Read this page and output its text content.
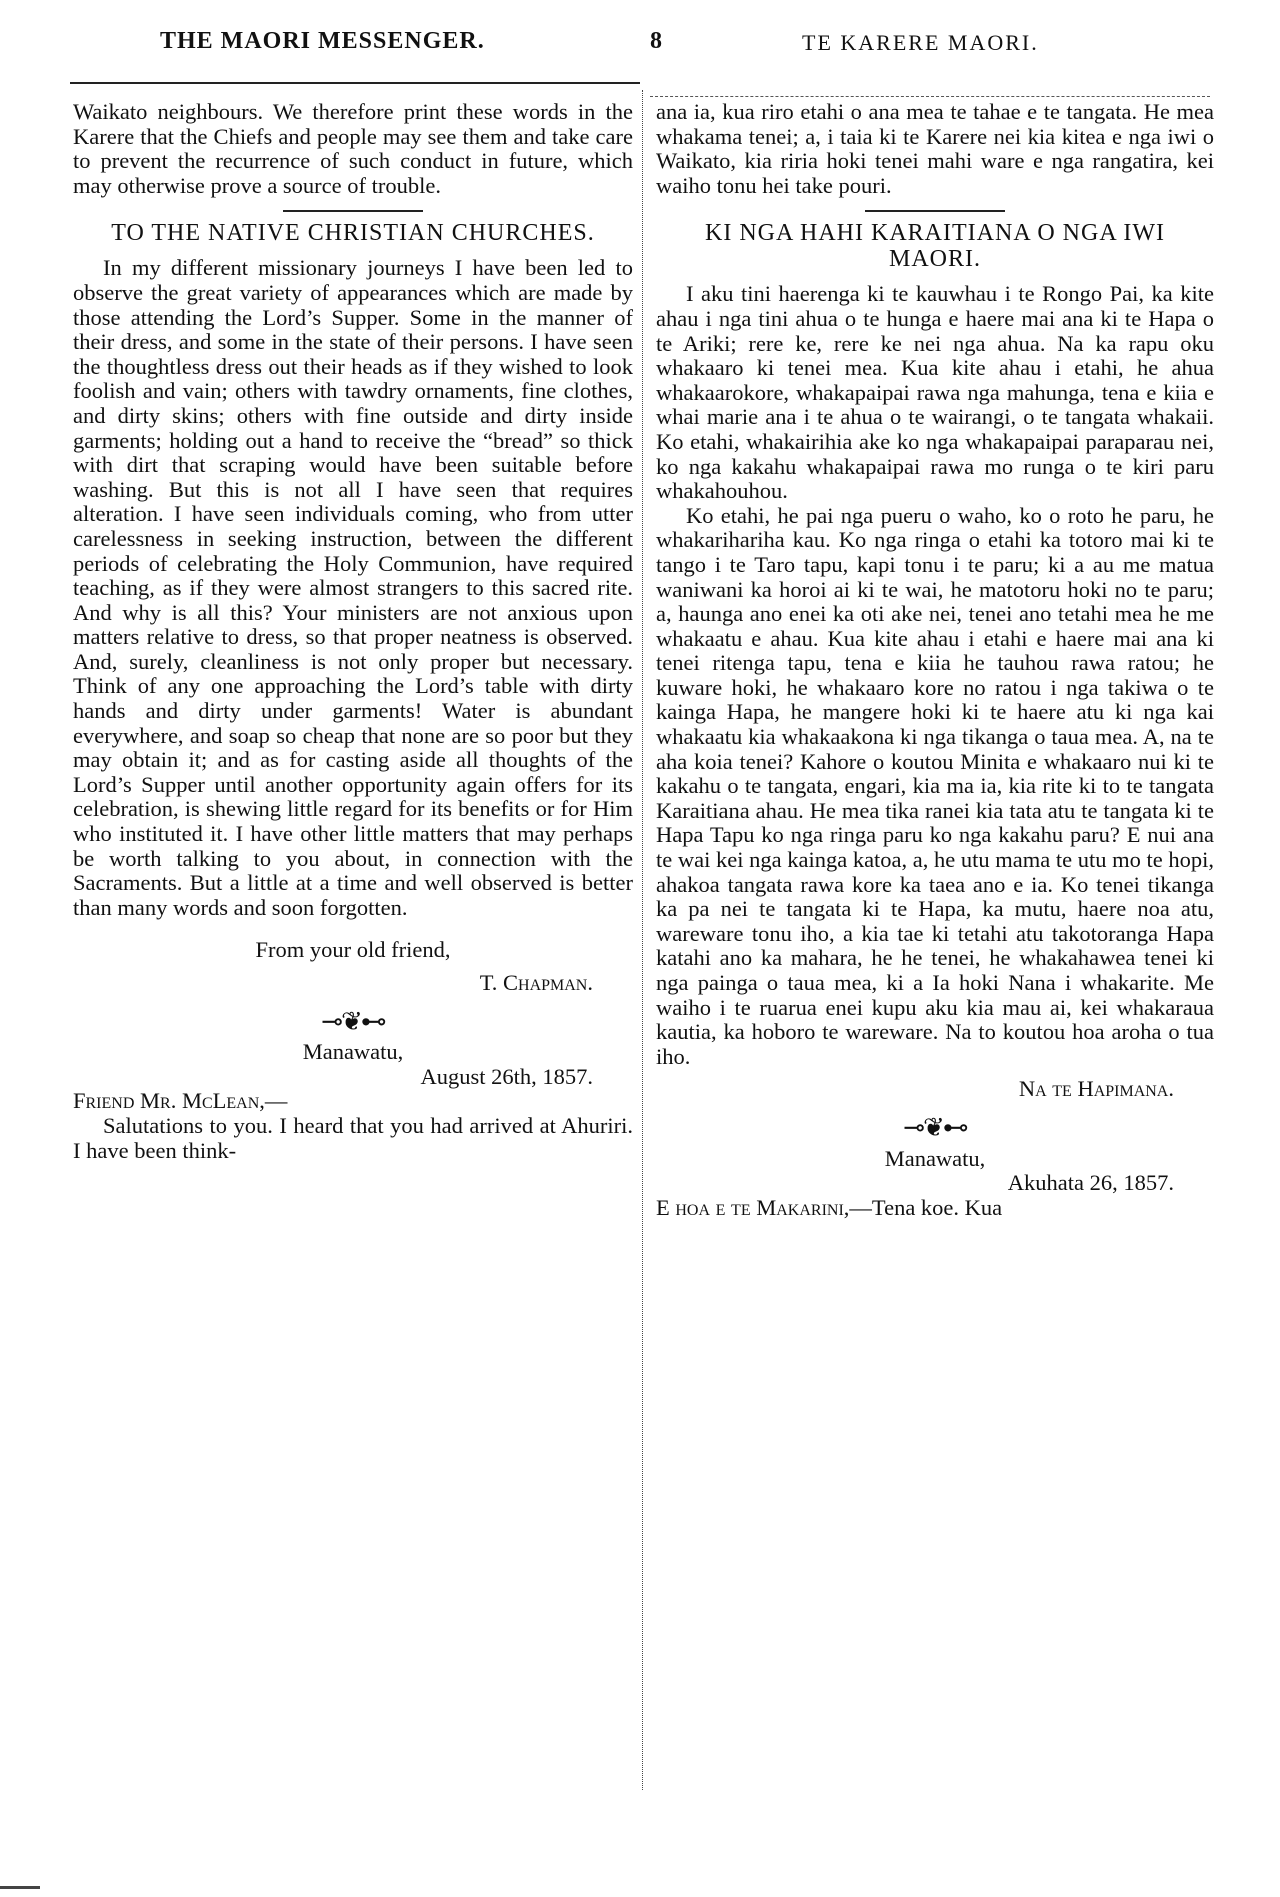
THE MAORI MESSENGER.	8	TE KARERE MAORI.

Waikato neighbours. We therefore print these words in the Karere that the Chiefs and people may see them and take care to prevent the recurrence of such conduct in future, which may otherwise prove a source of trouble.

TO THE NATIVE CHRISTIAN CHURCHES.

In my different missionary journeys I have been led to observe the great variety of appearances which are made by those attending the Lord’s Supper. Some in the manner of their dress, and some in the state of their persons. I have seen the thoughtless dress out their heads as if they wished to look foolish and vain; others with tawdry ornaments, fine clothes, and dirty skins; others with fine outside and dirty inside garments; holding out a hand to receive the “bread” so thick with dirt that scraping would have been suitable before washing. But this is not all I have seen that requires alteration. I have seen individuals coming, who from utter carelessness in seeking instruction, between the different periods of celebrating the Holy Communion, have required teaching, as if they were almost strangers to this sacred rite. And why is all this? Your ministers are not anxious upon matters relative to dress, so that proper neatness is observed. And, surely, cleanliness is not only proper but necessary. Think of any one approaching the Lord’s table with dirty hands and dirty under garments! Water is abundant everywhere, and soap so cheap that none are so poor but they may obtain it; and as for casting aside all thoughts of the Lord’s Supper until another opportunity again offers for its celebration, is shewing little regard for its benefits or for Him who instituted it. I have other little matters that may perhaps be worth talking to you about, in connection with the Sacraments. But a little at a time and well observed is better than many words and soon forgotten.

From your old friend,
T. Chapman.
⊸❦⊷
Manawatu,
August 26th, 1857.

Friend Mr. McLean,—

Salutations to you. I heard that you had arrived at Ahuriri. I have been think-

ana ia, kua riro etahi o ana mea te tahae e te tangata. He mea whakama tenei; a, i taia ki te Karere nei kia kitea e nga iwi o Waikato, kia riria hoki tenei mahi ware e nga rangatira, kei waiho tonu hei take pouri.

KI NGA HAHI KARAITIANA O NGA IWI MAORI.

I aku tini haerenga ki te kauwhau i te Rongo Pai, ka kite ahau i nga tini ahua o te hunga e haere mai ana ki te Hapa o te Ariki; rere ke, rere ke nei nga ahua. Na ka rapu oku whakaaro ki tenei mea. Kua kite ahau i etahi, he ahua whakaarokore, whakapaipai rawa nga mahunga, tena e kiia e whai marie ana i te ahua o te wairangi, o te tangata whakaii. Ko etahi, whakairihia ake ko nga whakapaipai paraparau nei, ko nga kakahu whakapaipai rawa mo runga o te kiri paru whakahouhou.

Ko etahi, he pai nga pueru o waho, ko o roto he paru, he whakariharihа kau. Ko nga ringa o etahi ka totoro mai ki te tango i te Taro tapu, kapi tonu i te paru; ki a au me matua waniwani ka horoi ai ki te wai, he matotoru hoki no te paru; a, haunga ano enei ka oti ake nei, tenei ano tetahi mea he me whakaatu e ahau. Kua kite ahau i etahi e haere mai ana ki tenei ritenga tapu, tena e kiia he tauhou rawa ratou; he kuware hoki, he whakaaro kore no ratou i nga takiwa o te kainga Hapa, he mangere hoki ki te haere atu ki nga kai whakaatu kia whakaakona ki nga tikanga o taua mea. A, na te aha koia tenei? Kahore o koutou Minita e whakaaro nui ki te kakahu o te tangata, engari, kia ma ia, kia rite ki to te tangata Karaitiana ahau. He mea tika ranei kia tata atu te tangata ki te Hapa Tapu ko nga ringa paru ko nga kakahu paru? E nui ana te wai kei nga kainga katoa, a, he utu mama te utu mo te hopi, ahakoa tangata rawa kore ka taea ano e ia. Ko tenei tikanga ka pa nei te tangata ki te Hapa, ka mutu, haere noa atu, wareware tonu iho, a kia tae ki tetahi atu takotoranga Hapa katahi ano ka mahara, he he tenei, he whakahawea tenei ki nga painga o taua mea, ki a Ia hoki Nana i whakarite. Me waiho i te ruarua enei kupu aku kia mau ai, kei whakaraua kautia, ka hoboro te wareware. Na to koutou hoa aroha o tua iho.

Na te Hapimana.
⊸❦⊷
Manawatu,
Akuhata 26, 1857.

E hoa e te Makarini,—Tena koe. Kua
